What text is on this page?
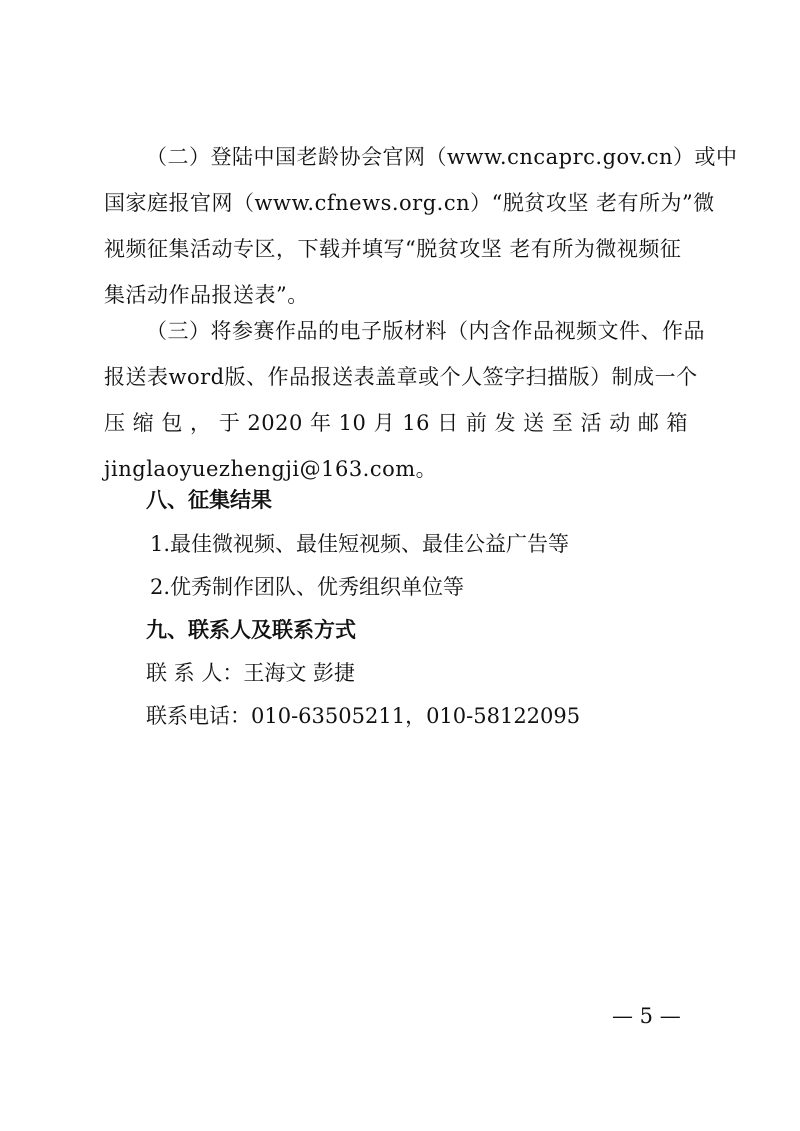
（二）登陆中国老龄协会官网（www.cncaprc.gov.cn）或中
国家庭报官网（www.cfnews.org.cn）“脱贫攻坚 老有所为”微
视频征集活动专区，下载并填写“脱贫攻坚 老有所为微视频征
集活动作品报送表”。
（三）将参赛作品的电子版材料（内含作品视频文件、作品
报送表word版、作品报送表盖章或个人签字扫描版）制成一个
压 缩 包 ， 于 2020 年 10 月 16 日 前 发 送 至 活 动 邮 箱
jinglaoyuezhengji@163.com。

八、征集结果

1.最佳微视频、最佳短视频、最佳公益广告等

2.优秀制作团队、优秀组织单位等

九、联系人及联系方式

联 系 人：王海文 彭捷

联系电话：010-63505211，010-58122095

— 5 —
